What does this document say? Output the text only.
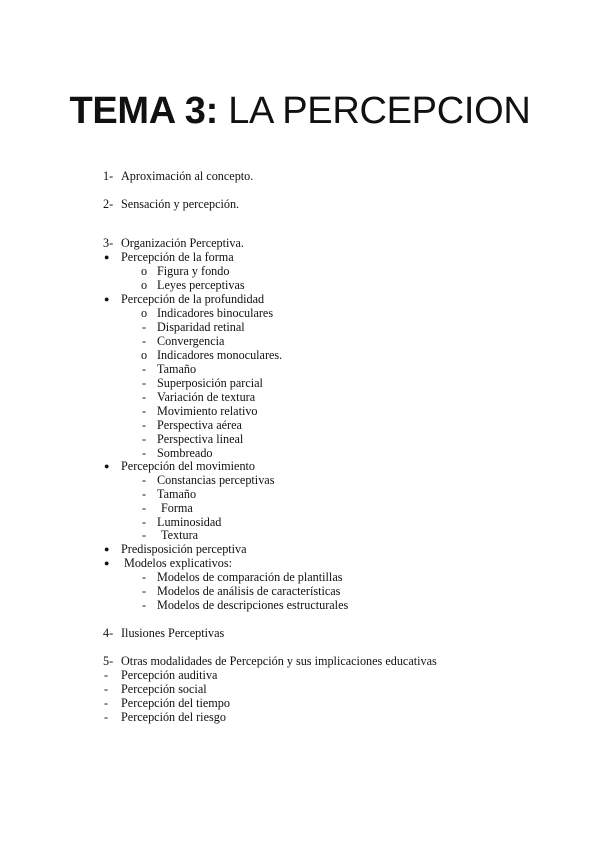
TEMA 3: LA PERCEPCION
1- Aproximación al concepto.
2- Sensación y percepción.
3- Organización Perceptiva.
● Percepción de la forma
o Figura y fondo
o Leyes perceptivas
● Percepción de la profundidad
o Indicadores binoculares
- Disparidad retinal
- Convergencia
o Indicadores monoculares.
- Tamaño
- Superposición parcial
- Variación de textura
- Movimiento relativo
- Perspectiva aérea
- Perspectiva lineal
- Sombreado
● Percepción del movimiento
- Constancias perceptivas
- Tamaño
- Forma
- Luminosidad
- Textura
● Predisposición perceptiva
● Modelos explicativos:
- Modelos de comparación de plantillas
- Modelos de análisis de características
- Modelos de descripciones estructurales
4- Ilusiones Perceptivas
5- Otras modalidades de Percepción y sus implicaciones educativas
- Percepción auditiva
- Percepción social
- Percepción del tiempo
- Percepción del riesgo
